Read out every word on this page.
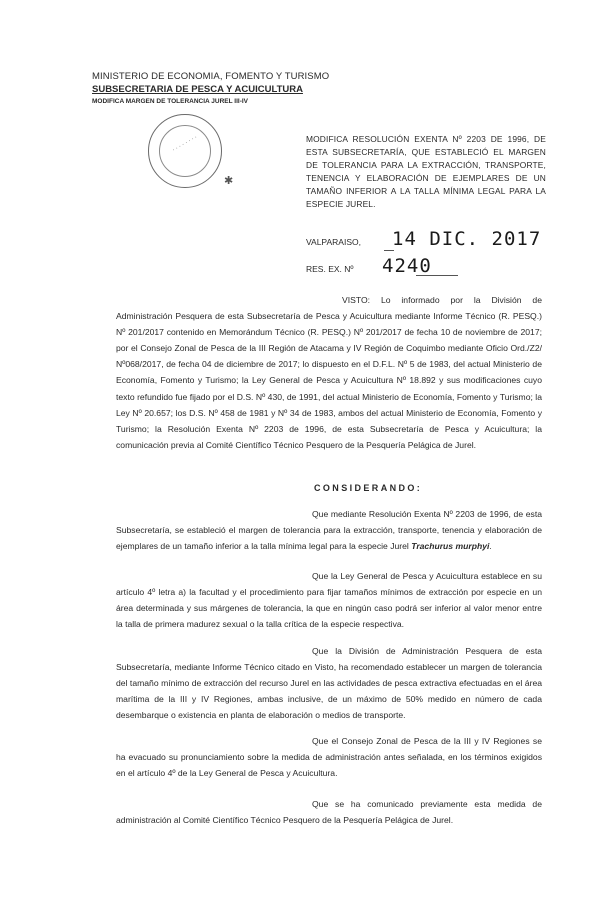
MINISTERIO DE ECONOMIA, FOMENTO Y TURISMO
SUBSECRETARIA DE PESCA Y ACUICULTURA
MODIFICA MARGEN DE TOLERANCIA JUREL III-IV
· · · · · · · ·
✱
MODIFICA RESOLUCIÓN EXENTA Nº 2203 DE 1996, DE ESTA SUBSECRETARÍA, QUE ESTABLECIÓ EL MARGEN DE TOLERANCIA PARA LA EXTRACCIÓN, TRANSPORTE, TENENCIA Y ELABORACIÓN DE EJEMPLARES DE UN TAMAÑO INFERIOR A LA TALLA MÍNIMA LEGAL PARA LA ESPECIE JUREL.
VALPARAISO, 14 DIC. 2017
RES. EX. Nº 4240
VISTO: Lo informado por la División de Administración Pesquera de esta Subsecretaría de Pesca y Acuicultura mediante Informe Técnico (R. PESQ.) Nº 201/2017 contenido en Memorándum Técnico (R. PESQ.) Nº 201/2017 de fecha 10 de noviembre de 2017; por el Consejo Zonal de Pesca de la III Región de Atacama y IV Región de Coquimbo mediante Oficio Ord./Z2/ Nº068/2017, de fecha 04 de diciembre de 2017; lo dispuesto en el D.F.L. Nº 5 de 1983, del actual Ministerio de Economía, Fomento y Turismo; la Ley General de Pesca y Acuicultura Nº 18.892 y sus modificaciones cuyo texto refundido fue fijado por el D.S. Nº 430, de 1991, del actual Ministerio de Economía, Fomento y Turismo; la Ley Nº 20.657; los D.S. Nº 458 de 1981 y Nº 34 de 1983, ambos del actual Ministerio de Economía, Fomento y Turismo; la Resolución Exenta Nº 2203 de 1996, de esta Subsecretaría de Pesca y Acuicultura; la comunicación previa al Comité Científico Técnico Pesquero de la Pesquería Pelágica de Jurel.
CONSIDERANDO:
Que mediante Resolución Exenta Nº 2203 de 1996, de esta Subsecretaría, se estableció el margen de tolerancia para la extracción, transporte, tenencia y elaboración de ejemplares de un tamaño inferior a la talla mínima legal para la especie Jurel Trachurus murphyi.
Que la Ley General de Pesca y Acuicultura establece en su artículo 4º letra a) la facultad y el procedimiento para fijar tamaños mínimos de extracción por especie en un área determinada y sus márgenes de tolerancia, la que en ningún caso podrá ser inferior al valor menor entre la talla de primera madurez sexual o la talla crítica de la especie respectiva.
Que la División de Administración Pesquera de esta Subsecretaría, mediante Informe Técnico citado en Visto, ha recomendado establecer un margen de tolerancia del tamaño mínimo de extracción del recurso Jurel en las actividades de pesca extractiva efectuadas en el área marítima de la III y IV Regiones, ambas inclusive, de un máximo de 50% medido en número de cada desembarque o existencia en planta de elaboración o medios de transporte.
Que el Consejo Zonal de Pesca de la III y IV Regiones se ha evacuado su pronunciamiento sobre la medida de administración antes señalada, en los términos exigidos en el artículo 4º de la Ley General de Pesca y Acuicultura.
Que se ha comunicado previamente esta medida de administración al Comité Científico Técnico Pesquero de la Pesquería Pelágica de Jurel.
